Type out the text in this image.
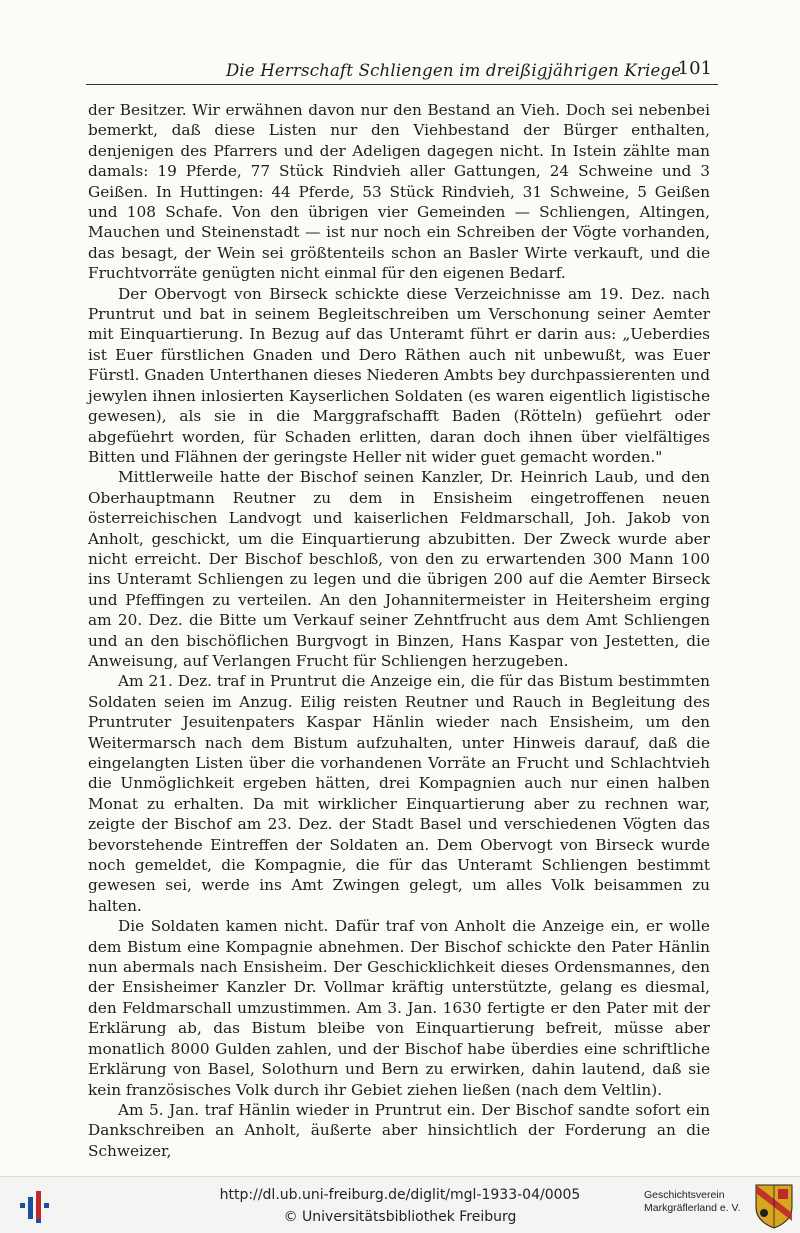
Die Herrschaft Schliengen im dreißigjährigen Kriege
101

der Besitzer. Wir erwähnen davon nur den Bestand an Vieh. Doch sei nebenbei bemerkt, daß diese Listen nur den Viehbestand der Bürger enthalten, denjenigen des Pfarrers und der Adeligen dagegen nicht. In Istein zählte man damals: 19 Pferde, 77 Stück Rindvieh aller Gattungen, 24 Schweine und 3 Geißen. In Huttingen: 44 Pferde, 53 Stück Rindvieh, 31 Schweine, 5 Geißen und 108 Schafe. Von den übrigen vier Gemeinden — Schliengen, Altingen, Mauchen und Steinenstadt — ist nur noch ein Schreiben der Vögte vorhanden, das besagt, der Wein sei größtenteils schon an Basler Wirte verkauft, und die Fruchtvorräte genügten nicht einmal für den eigenen Bedarf.

Der Obervogt von Birseck schickte diese Verzeichnisse am 19. Dez. nach Pruntrut und bat in seinem Begleitschreiben um Verschonung seiner Aemter mit Einquartierung. In Bezug auf das Unteramt führt er darin aus: „Ueberdies ist Euer fürstlichen Gnaden und Dero Räthen auch nit unbewußt, was Euer Fürstl. Gnaden Unterthanen dieses Niederen Ambts bey durchpassierenten und jewylen ihnen inlosierten Kayserlichen Soldaten (es waren eigentlich ligistische gewesen), als sie in die Marggrafschafft Baden (Rötteln) gefüehrt oder abgefüehrt worden, für Schaden erlitten, daran doch ihnen über vielfältiges Bitten und Flähnen der geringste Heller nit wider guet gemacht worden."

Mittlerweile hatte der Bischof seinen Kanzler, Dr. Heinrich Laub, und den Oberhauptmann Reutner zu dem in Ensisheim eingetroffenen neuen österreichischen Landvogt und kaiserlichen Feldmarschall, Joh. Jakob von Anholt, geschickt, um die Einquartierung abzubitten. Der Zweck wurde aber nicht erreicht. Der Bischof beschloß, von den zu erwartenden 300 Mann 100 ins Unteramt Schliengen zu legen und die übrigen 200 auf die Aemter Birseck und Pfeffingen zu verteilen. An den Johannitermeister in Heitersheim erging am 20. Dez. die Bitte um Verkauf seiner Zehntfrucht aus dem Amt Schliengen und an den bischöflichen Burgvogt in Binzen, Hans Kaspar von Jestetten, die Anweisung, auf Verlangen Frucht für Schliengen herzugeben.

Am 21. Dez. traf in Pruntrut die Anzeige ein, die für das Bistum bestimmten Soldaten seien im Anzug. Eilig reisten Reutner und Rauch in Begleitung des Pruntruter Jesuitenpaters Kaspar Hänlin wieder nach Ensisheim, um den Weitermarsch nach dem Bistum aufzuhalten, unter Hinweis darauf, daß die eingelangten Listen über die vorhandenen Vorräte an Frucht und Schlachtvieh die Unmöglichkeit ergeben hätten, drei Kompagnien auch nur einen halben Monat zu erhalten. Da mit wirklicher Einquartierung aber zu rechnen war, zeigte der Bischof am 23. Dez. der Stadt Basel und verschiedenen Vögten das bevorstehende Eintreffen der Soldaten an. Dem Obervogt von Birseck wurde noch gemeldet, die Kompagnie, die für das Unteramt Schliengen bestimmt gewesen sei, werde ins Amt Zwingen gelegt, um alles Volk beisammen zu halten.

Die Soldaten kamen nicht. Dafür traf von Anholt die Anzeige ein, er wolle dem Bistum eine Kompagnie abnehmen. Der Bischof schickte den Pater Hänlin nun abermals nach Ensisheim. Der Geschicklichkeit dieses Ordensmannes, den der Ensisheimer Kanzler Dr. Vollmar kräftig unterstützte, gelang es diesmal, den Feldmarschall umzustimmen. Am 3. Jan. 1630 fertigte er den Pater mit der Erklärung ab, das Bistum bleibe von Einquartierung befreit, müsse aber monatlich 8000 Gulden zahlen, und der Bischof habe überdies eine schriftliche Erklärung von Basel, Solothurn und Bern zu erwirken, dahin lautend, daß sie kein französisches Volk durch ihr Gebiet ziehen ließen (nach dem Veltlin).

Am 5. Jan. traf Hänlin wieder in Pruntrut ein. Der Bischof sandte sofort ein Dankschreiben an Anholt, äußerte aber hinsichtlich der Forderung an die Schweizer,

http://dl.ub.uni-freiburg.de/diglit/mgl-1933-04/0005
© Universitätsbibliothek Freiburg
Geschichtsverein
Markgräflerland e. V.
